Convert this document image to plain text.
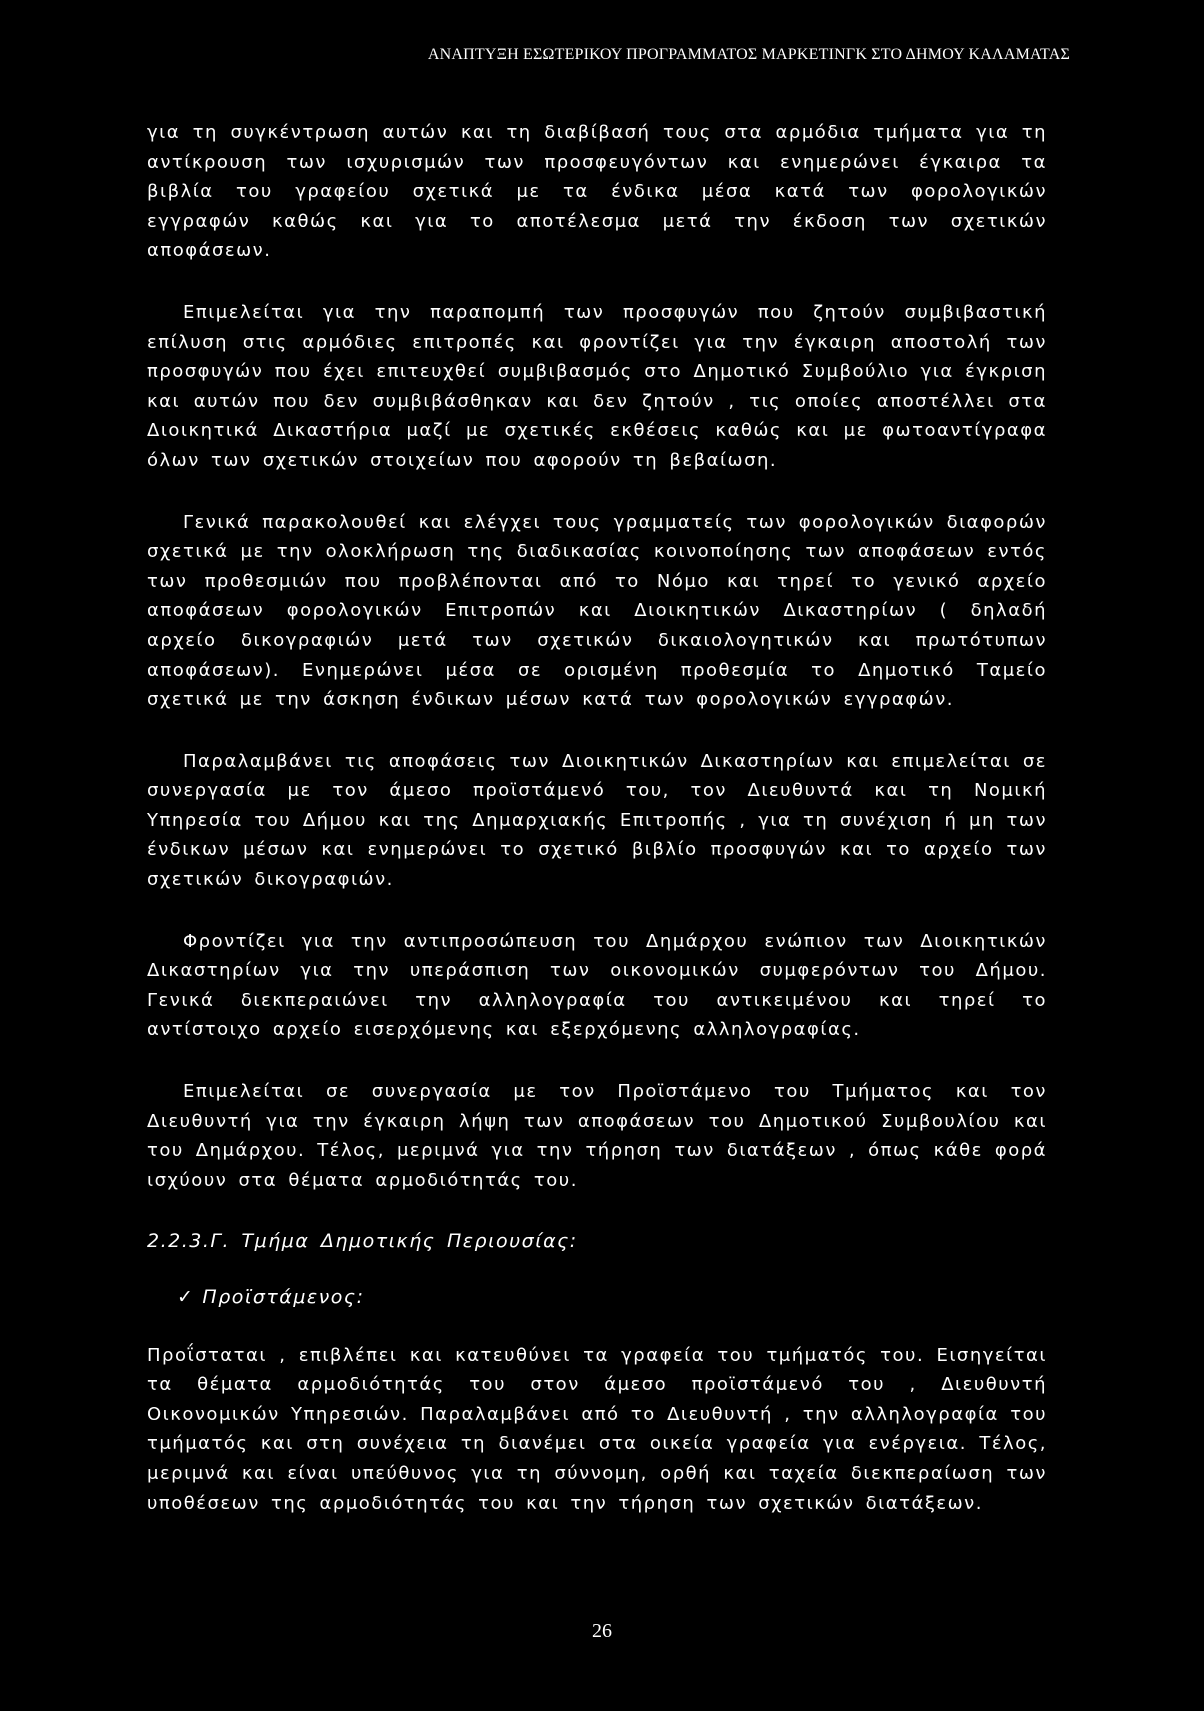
ΑΝΑΠΤΥΞΗ ΕΣΩΤΕΡΙΚΟΥ ΠΡΟΓΡΑΜΜΑΤΟΣ ΜΑΡΚΕΤΙΝΓΚ ΣΤΟ ΔΗΜΟΥ ΚΑΛΑΜΑΤΑΣ

για τη συγκέντρωση αυτών και τη διαβίβασή τους στα αρμόδια τμήματα για τη αντίκρουση των ισχυρισμών των προσφευγόντων και ενημερώνει έγκαιρα τα βιβλία του γραφείου σχετικά με τα ένδικα μέσα κατά των φορολογικών εγγραφών καθώς και για το αποτέλεσμα μετά την έκδοση των σχετικών αποφάσεων.

Επιμελείται για την παραπομπή των προσφυγών που ζητούν συμβιβαστική επίλυση στις αρμόδιες επιτροπές και φροντίζει για την έγκαιρη αποστολή των προσφυγών που έχει επιτευχθεί συμβιβασμός στο Δημοτικό Συμβούλιο για έγκριση και αυτών που δεν συμβιβάσθηκαν και δεν ζητούν , τις οποίες αποστέλλει στα Διοικητικά Δικαστήρια μαζί με σχετικές εκθέσεις καθώς και με φωτοαντίγραφα όλων των σχετικών στοιχείων που αφορούν τη βεβαίωση.

Γενικά παρακολουθεί και ελέγχει τους γραμματείς των φορολογικών διαφορών σχετικά με την ολοκλήρωση της διαδικασίας κοινοποίησης των αποφάσεων εντός των προθεσμιών που προβλέπονται από το Νόμο και τηρεί το γενικό αρχείο αποφάσεων φορολογικών Επιτροπών και Διοικητικών Δικαστηρίων ( δηλαδή αρχείο δικογραφιών μετά των σχετικών δικαιολογητικών και πρωτότυπων αποφάσεων). Ενημερώνει μέσα σε ορισμένη προθεσμία το Δημοτικό Ταμείο σχετικά με την άσκηση ένδικων μέσων κατά των φορολογικών εγγραφών.

Παραλαμβάνει τις αποφάσεις των Διοικητικών Δικαστηρίων και επιμελείται σε συνεργασία με τον άμεσο προϊστάμενό του, τον Διευθυντά και τη Νομική Υπηρεσία του Δήμου και της Δημαρχιακής Επιτροπής , για τη συνέχιση ή μη των ένδικων μέσων και ενημερώνει το σχετικό βιβλίο προσφυγών και το αρχείο των σχετικών δικογραφιών.

Φροντίζει για την αντιπροσώπευση του Δημάρχου ενώπιον των Διοικητικών Δικαστηρίων για την υπεράσπιση των οικονομικών συμφερόντων του Δήμου. Γενικά διεκπεραιώνει την αλληλογραφία του αντικειμένου και τηρεί το αντίστοιχο αρχείο εισερχόμενης και εξερχόμενης αλληλογραφίας.

Επιμελείται σε συνεργασία με τον Προϊστάμενο του Τμήματος και τον Διευθυντή για την έγκαιρη λήψη των αποφάσεων του Δημοτικού Συμβουλίου και του Δημάρχου. Τέλος, μεριμνά για την τήρηση των διατάξεων , όπως κάθε φορά ισχύουν στα θέματα αρμοδιότητάς του.

2.2.3.Γ. Τμήμα Δημοτικής Περιουσίας:
✓ Προϊστάμενος:

Προΐσταται , επιβλέπει και κατευθύνει τα γραφεία του τμήματός του. Εισηγείται τα θέματα αρμοδιότητάς του στον άμεσο προϊστάμενό του , Διευθυντή Οικονομικών Υπηρεσιών. Παραλαμβάνει από το Διευθυντή , την αλληλογραφία του τμήματός και στη συνέχεια τη διανέμει στα οικεία γραφεία για ενέργεια. Τέλος, μεριμνά και είναι υπεύθυνος για τη σύννομη, ορθή και ταχεία διεκπεραίωση των υποθέσεων της αρμοδιότητάς του και την τήρηση των σχετικών διατάξεων.

26
